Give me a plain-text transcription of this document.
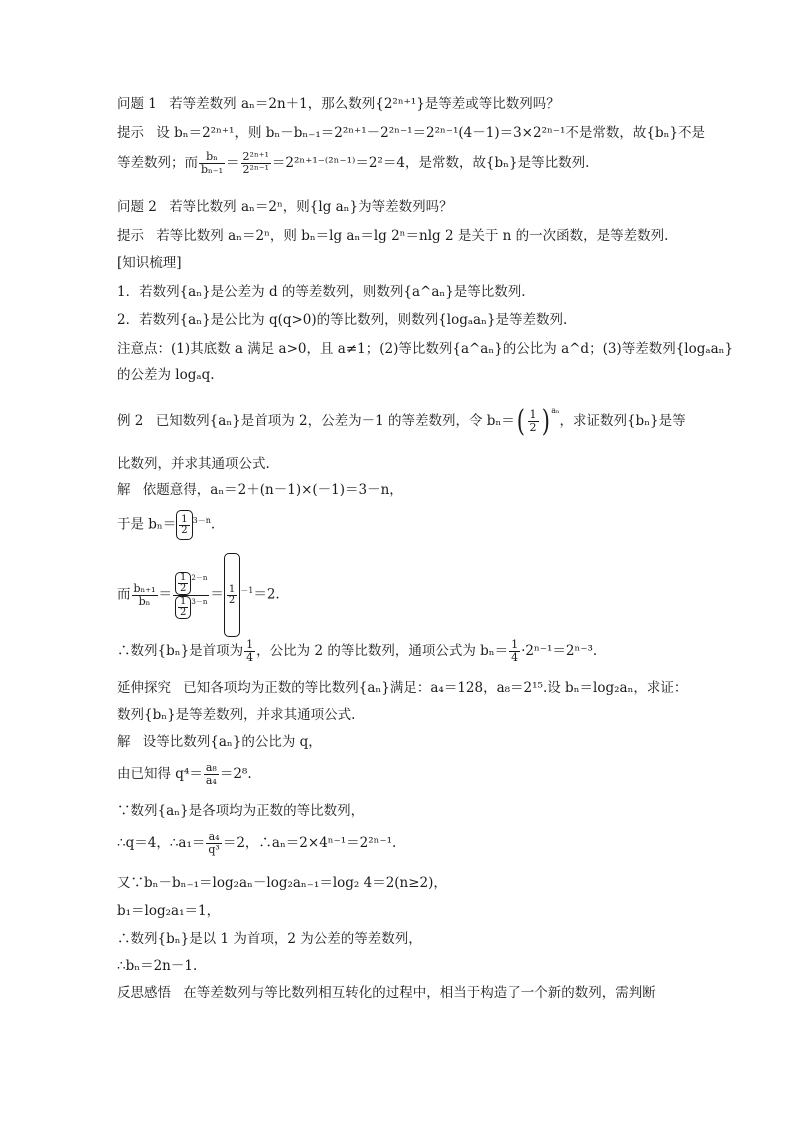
问题 1 若等差数列 aₙ＝2n＋1，那么数列{2²ⁿ⁺¹}是等差或等比数列吗？
提示 设 bₙ＝2²ⁿ⁺¹，则 bₙ－bₙ₋₁＝2²ⁿ⁺¹－2²ⁿ⁻¹＝2²ⁿ⁻¹(4－1)＝3×2²ⁿ⁻¹不是常数，故{bₙ}不是
等差数列；而 $\frac{\text{bₙ}}{\text{bₙ₋₁}} = \frac{\text{2²ⁿ⁺¹}}{\text{2²ⁿ⁻¹}} =2^{2n+1-(2n-1)}=2^2=4$，是常数，故{bₙ}是等比数列.
问题 2 若等比数列 aₙ＝2ⁿ，则{lg aₙ}为等差数列吗？
提示 若等比数列 aₙ＝2ⁿ，则 bₙ＝lg aₙ＝lg 2ⁿ＝nlg 2 是关于 n 的一次函数，是等差数列.
[知识梳理]
1．若数列{aₙ}是公差为 d 的等差数列，则数列{a^aₙ}是等比数列.
2．若数列{aₙ}是公比为 q(q>0)的等比数列，则数列{logₐaₙ}是等差数列.
注意点：(1)其底数 a 满足 a>0，且 a≠1；(2)等比数列{a^aₙ}的公比为 a^d；(3)等差数列{logₐaₙ}
的公差为 logₐq.
例 2 已知数列{aₙ}是首项为 2，公差为－1 的等差数列，令 $b_n=( \frac{1}{2}$ ) $^{a_n}$，求证数列{bₙ}是等
比数列，并求其通项公式.
解 依题意得，aₙ＝2＋(n－1)×(－1)＝3－n，
于是 $b_n= \frac{1}{2} ^{3-n}$.
而 $\frac{\text{bₙ₊₁}}{\text{bₙ}} = \frac{\frac{1}{2} ^{2-n}}{\frac{1}{2} ^{3-n}} = \frac{1}{2} ^{-1}=2$.
∴数列{bₙ}是首项为 $\frac{1}{4}$ ，公比为 2 的等比数列，通项公式为 $b_n= \frac{1}{4} \cdot 2^{n-1}=2^{n-3}$.
延伸探究 已知各项均为正数的等比数列{aₙ}满足：a₄＝128，a₈＝2¹⁵.设 bₙ＝log₂aₙ，求证：
数列{bₙ}是等差数列，并求其通项公式.
解 设等比数列{aₙ}的公比为 q，
由已知得 $q^4= \frac{\text{a₈}}{\text{a₄}} =2^8$.
∵数列{aₙ}是各项均为正数的等比数列，
∴q＝4，∴a₁＝ $\frac{\text{a₄}}{\text{q³}} =2$，∴aₙ＝2×4ⁿ⁻¹＝2²ⁿ⁻¹.
又∵bₙ－bₙ₋₁＝log₂aₙ－log₂aₙ₋₁＝log₂ 4＝2(n≥2)，
b₁＝log₂a₁＝1，
∴数列{bₙ}是以 1 为首项，2 为公差的等差数列，
∴bₙ＝2n－1.
反思感悟 在等差数列与等比数列相互转化的过程中，相当于构造了一个新的数列，需判断
